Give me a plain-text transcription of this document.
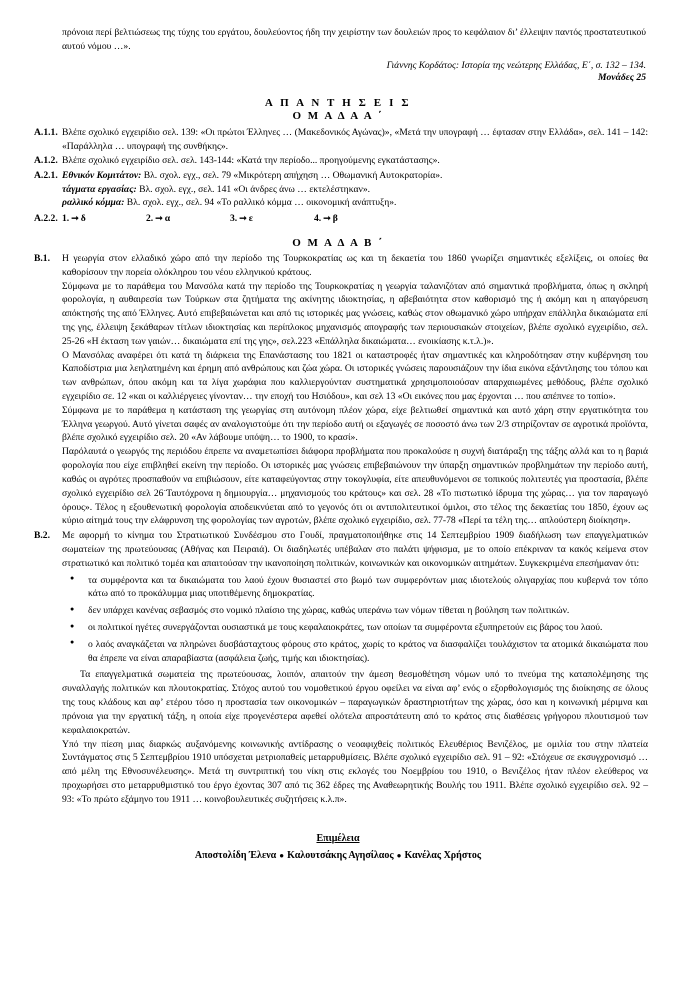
πρόνοια περί βελτιώσεως της τύχης του εργάτου, δουλεύοντος ήδη την χειρίστην των δουλειών προς το κεφάλαιον δι’ έλλειψιν παντός προστατευτικού αυτού νόμου …».

Γιάννης Κορδάτος: Ιστορία της νεώτερης Ελλάδας, Ε΄, σ. 132 – 134.

Μονάδες 25

Α Π Α Ν Τ Η Σ Ε Ι Σ
Ο Μ Α Δ Α Α ΄
Α.1.1. Βλέπε σχολικό εγχειρίδιο σελ. 139: «Οι πρώτοι Έλληνες … (Μακεδονικός Αγώνας)», «Μετά την υπογραφή … έφτασαν στην Ελλάδα», σελ. 141 – 142: «Παράλληλα … υπογραφή της συνθήκης».
Α.1.2. Βλέπε σχολικό εγχειρίδιο σελ. σελ. 143-144: «Κατά την περίοδο... προηγούμενης εγκατάστασης».
Α.2.1. Εθνικόν Κομιτάτον: Βλ. σχολ. εγχ., σελ. 79 «Μικρότερη απήχηση … Οθωμανική Αυτοκρατορία».

τάγματα εργασίας: Βλ. σχολ. εγχ., σελ. 141 «Οι άνδρες άνω … εκτελέστηκαν».

ραλλικό κόμμα: Βλ. σχολ. εγχ., σελ. 94 «Το ραλλικό κόμμα … οικονομική ανάπτυξη».

Α.2.2. 1. ➞ δ	2. ➞ α	3. ➞ ε	4. ➞ β
Ο Μ Α Δ Α Β ΄
Β.1.	Η γεωργία στον ελλαδικό χώρο από την περίοδο της Τουρκοκρατίας ως και τη δεκαετία του 1860 γνωρίζει σημαντικές εξελίξεις, οι οποίες θα καθορίσουν την πορεία ολόκληρου του νέου ελληνικού κράτους.

Σύμφωνα με το παράθεμα του Μανσόλα κατά την περίοδο της Τουρκοκρατίας η γεωργία ταλανιζόταν από σημαντικά προβλήματα, όπως η σκληρή φορολογία, η αυθαιρεσία των Τούρκων στα ζητήματα της ακίνητης ιδιοκτησίας, η αβεβαιότητα στον καθορισμό της ή ακόμη και η απαγόρευση απόκτησής της από Έλληνες. Αυτό επιβεβαιώνεται και από τις ιστορικές μας γνώσεις, καθώς στον οθωμανικό χώρο υπήρχαν επάλληλα δικαιώματα επί της γης, έλλειψη ξεκάθαρων τίτλων ιδιοκτησίας και περίπλοκος μηχανισμός απογραφής των περιουσιακών στοιχείων, βλέπε σχολικό εγχειρίδιο, σελ. 25-26 «Η έκταση των γαιών… δικαιώματα επί της γης», σελ.223 «Επάλληλα δικαιώματα… ενοικίασης κ.τ.λ.)».

Ο Μανσόλας αναφέρει ότι κατά τη διάρκεια της Επανάστασης του 1821 οι καταστροφές ήταν σημαντικές και κληροδότησαν στην κυβέρνηση του Καποδίστρια μια λεηλατημένη και έρημη από ανθρώπους και ζώα χώρα. Οι ιστορικές γνώσεις παρουσιάζουν την ίδια εικόνα εξάντλησης του τόπου και των ανθρώπων, όπου ακόμη και τα λίγα χωράφια που καλλιεργούνταν συστηματικά χρησιμοποιούσαν απαρχαιωμένες μεθόδους, βλέπε σχολικό εγχειρίδιο σε. 12 «και οι καλλιέργειες γίνονταν… την εποχή του Ησιόδου», και σελ 13 «Οι εικόνες που μας έρχονται … που απέπνεε το τοπίο».

Σύμφωνα με το παράθεμα η κατάσταση της γεωργίας στη αυτόνομη πλέον χώρα, είχε βελτιωθεί σημαντικά και αυτό χάρη στην εργατικότητα του Έλληνα γεωργού. Αυτό γίνεται σαφές αν αναλογιστούμε ότι την περίοδο αυτή οι εξαγωγές σε ποσοστό άνω των 2/3 στηρίζονταν σε αγροτικά προϊόντα, βλέπε σχολικό εγχειρίδιο σελ. 20 «Αν λάβουμε υπόψη… το 1900, το κρασί».

Παρόλαυτά ο γεωργός της περιόδου έπρεπε να αναμετωπίσει διάφορα προβλήματα που προκαλούσε η συχνή διατάραξη της τάξης αλλά και το η βαριά φορολογία που είχε επιβληθεί εκείνη την περίοδο. Οι ιστορικές μας γνώσεις επιβεβαιώνουν την ύπαρξη σημαντικών προβλημάτων την περίοδο αυτή, καθώς οι αγρότες προσπαθούν να επιβιώσουν, είτε καταφεύγοντας στην τοκογλυφία, είτε απευθυνόμενοι σε τοπικούς πολιτευτές για προστασία, βλέπε σχολικό εγχειρίδιο σελ 26 ̈Ταυτόχρονα η δημιουργία… μηχανισμούς του κράτους» και σελ. 28 «Το πιστωτικό ίδρυμα της χώρας… για τον παραγωγό όρους». Τέλος η εξουθενωτική φορολογία αποδεικνύεται από το γεγονός ότι οι αντιπολιτευτικοί όμιλοι, στο τέλος της δεκαετίας του 1850, έχουν ως κύριο αίτημά τους την ελάφρυνση της φορολογίας των αγροτών, βλέπε σχολικό εγχειρίδιο, σελ. 77-78 «Περί τα τέλη της… απλούστερη διοίκηση».

Β.2.	Με αφορμή το κίνημα του Στρατιωτικού Συνδέσμου στο Γουδί, πραγματοποιήθηκε στις 14 Σεπτεμβρίου 1909 διαδήλωση των επαγγελματικών σωματείων της πρωτεύουσας (Αθήνας και Πειραιά). Οι διαδηλωτές υπέβαλαν στο παλάτι ψήφισμα, με το οποίο επέκριναν τα κακός κείμενα στον στρατιωτικό και πολιτικό τομέα και απαιτούσαν την ικανοποίηση πολιτικών, κοινωνικών και οικονομικών αιτημάτων. Συγκεκριμένα επεσήμαναν ότι:

● τα συμφέροντα και τα δικαιώματα του λαού έχουν θυσιαστεί στο βωμό των συμφερόντων μιας ιδιοτελούς ολιγαρχίας που κυβερνά τον τόπο κάτω από το προκάλυμμα μιας υποτιθέμενης δημοκρατίας.
● δεν υπάρχει κανένας σεβασμός στο νομικό πλαίσιο της χώρας, καθώς υπεράνω των νόμων τίθεται η βούληση των πολιτικών.
● οι πολιτικοί ηγέτες συνεργάζονται ουσιαστικά με τους κεφαλαιοκράτες, των οποίων τα συμφέροντα εξυπηρετούν εις βάρος του λαού.
● ο λαός αναγκάζεται να πληρώνει δυσβάσταχτους φόρους στο κράτος, χωρίς το κράτος να διασφαλίζει τουλάχιστον τα ατομικά δικαιώματα που θα έπρεπε να είναι απαραβίαστα (ασφάλεια ζωής, τιμής και ιδιοκτησίας).

Τα επαγγελματικά σωματεία της πρωτεύουσας, λοιπόν, απαιτούν την άμεση θεσμοθέτηση νόμων υπό το πνεύμα της καταπολέμησης της συναλλαγής πολιτικών και πλουτοκρατίας. Στόχος αυτού του νομοθετικού έργου οφείλει να είναι αφ’ ενός ο εξορθολογισμός της διοίκησης σε όλους της τους κλάδους και αφ’ ετέρου τόσο η προστασία των οικονομικών – παραγωγικών δραστηριοτήτων της χώρας, όσο και η κοινωνική μέριμνα και πρόνοια για την εργατική τάξη, η οποία είχε προγενέστερα αφεθεί ολότελα απροστάτευτη από το κράτος στις διαθέσεις γρήγορου πλουτισμού των κεφαλαιοκρατών.

Υπό την πίεση μιας διαρκώς αυξανόμενης κοινωνικής αντίδρασης ο νεοαφιχθείς πολιτικός Ελευθέριος Βενιζέλος, με ομιλία του στην πλατεία Συντάγματος στις 5 Σεπτεμβρίου 1910 υπόσχεται μετριοπαθείς μεταρρυθμίσεις. Βλέπε σχολικό εγχειρίδιο σελ. 91 – 92: «Στόχευε σε εκσυγχρονισμό … από μέλη της Εθνοσυνέλευσης». Μετά τη συντριπτική του νίκη στις εκλογές του Νοεμβρίου του 1910, ο Βενιζέλος ήταν πλέον ελεύθερος να προχωρήσει στο μεταρρυθμιστικό του έργο έχοντας 307 από τις 362 έδρες της Αναθεωρητικής Βουλής του 1911. Βλέπε σχολικό εγχειρίδιο σελ. 92 – 93: «Το πρώτο εξάμηνο του 1911 … κοινοβουλευτικές συζητήσεις κ.λ.π».

Επιμέλεια
Αποστολίδη Έλενα ● Καλουτσάκης Αγησίλαος ● Κανέλας Χρήστος
